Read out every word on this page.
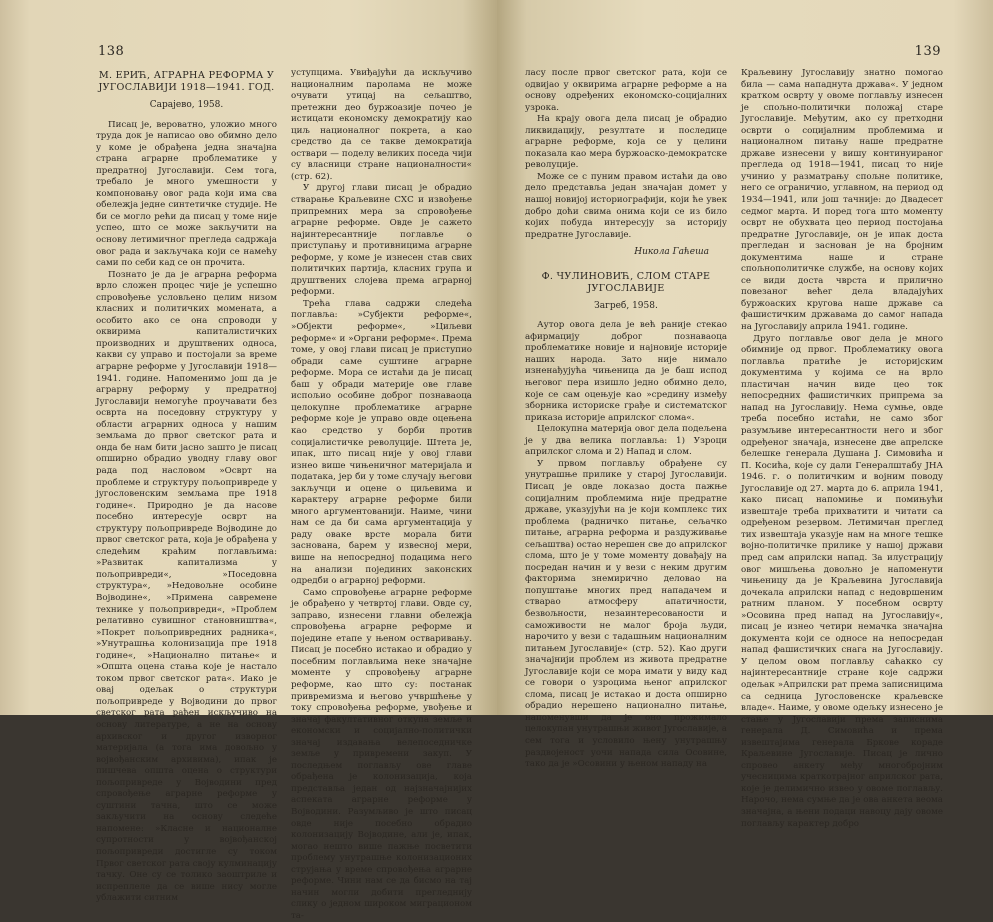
138
М. ЕРИЋ, АГРАРНА РЕФОРМА У ЈУГОСЛАВИЈИ 1918—1941. ГОД.
Сарајево, 1958.

Писац је, вероватно, уложио много труда док је написао ово обимно дело у коме је обрађена једна значајна страна аграрне проблематике у предратној Југославији. Сем тога, требало је много умешности у компоновању овог рада који има сва обележја једне синтетичке студије. Не би се могло рећи да писац у томе није успео, што се може закључити на основу летимичног прегледа садржаја овог рада и закључака који се намећу сами по себи кад се он прочита.

Познато је да је аграрна реформа врло сложен процес чије је успешно спровођење условљено целим низом класних и политичких момената, а особито ако се она спроводи у оквирима капиталистичких производних и друштвених односа, какви су управо и постојали за време аграрне реформе у Југославији 1918—1941. године. Напоменимо још да је аграрну реформу у предратној Југославији немогуће проучавати без осврта на поседовну структуру у области аграрних односа у нашим земљама до првог светског рата и онда бе нам бити јасно зашто је писац опширно обрадио уводну главу овог рада под насловом »Осврт на проблеме и структуру пољопривреде у југословенским земљама пре 1918 године«. Природно је да насове посебно интересује осврт на структуру пољопривреде Војводине до првог светског рата, која је обрађена у следећим краћим поглављима: »Развитак капитализма у пољопривреди«, »Поседовна структура«, »Недовољне особине Војводине«, »Примена савремене технике у пољопривреди«, »Проблем релативно сувишног становништва«, »Покрет пољопривредних радника«, »Унутрашња колонизација пре 1918 године«, »Национално питање« и »Општа оцена стања које је настало током првог светског рата«. Иако је овај одељак о структури пољопривреде у Војводини до првог светског рата рађен искључиво на основу литературе, а не на основу архивског и другог изворног материјала (а тога има довољно у војвођанским архивима), ипак је пишчева општа оцена о структури пољопривреде у Војводини пред спровођење аграрне реформе у суштини тачна, што се може закључити на основу следеће напомене: »Класне и националне супротности у војвођанској пољопривреди достигле су током Првог светског рата своју кулминацију тачку. Оне су се толико заоштриле и испреплеле да се више нису могле ублажити ситним

уступцима. Увиђајући да искључиво националним паролама не може очувати утицај на сељаштво, претежни део буржоазије почео је истицати економску демократију као циљ националног покрета, а као средство да се такве демократија оствари — поделу великих поседа чији су власници стране националности« (стр. 62).

У другој глави писац је обрадио стварање Краљевине СХС и извођење припремних мера за спровођење аграрне реформе. Овде је сажето најинтересантније поглавље о приступању и противницима аграрне реформе, у коме је изнесен став свих политичких партија, класних група и друштвених слојева према аграрној реформи.

Трећа глава садржи следећа поглавља: »Субјекти реформе«, »Објекти реформе«, »Циљеви реформе« и »Органи реформе«. Према томе, у овој глави писац је приступио обради саме суштине аграрне реформе. Мора се истаћи да је писац баш у обради материје ове главе испољио особине доброг познаваоца целокупне проблематике аграрне реформе које је управо овде оцењена као средство у борби против социјалистичке револуције. Штета је, ипак, што писац није у овој глави изнео више чињеничног материјала и података, јер би у томе случају његови закључци и оцене о циљевима и карактеру аграрне реформе били много аргументованији. Наиме, чини нам се да би сама аргументација у раду оваке врсте морала бити заснована, барем у извесној мери, више на непосредној подацима него на анализи појединих законских одредби о аграрној реформи.

Само спровођење аграрне реформе је обрађено у четвртој глави. Овде су, заправо, изнесени главни обележја спровођења аграрне реформе и поједине етапе у њеном остваривању. Писац је посебно истакао и обрадио у посебним поглављима неке значајне моменте у спровођењу аграрне реформе, као што су: постанак привремизма и његово учвршћење у току спровођења реформе, увођење и значај факултативног откупа земље и економски и социјално-политички значај издавања велепоседничке земље у привремени закуп. У последњем поглављу ове главе обрађена је колонизација, која представља један од најзначајнијих аспеката аграрне реформе у Војводини. Разумљиво је што писац овде није посебно обрадио колонизацију Војводине, али је, ипак, могао нешто више пажње посветити проблему унутрашње колонизационих струјања у време спровођења аграрне реформе. Чини нам се да бисмо на тај начин могли добити прегледнију слику о једном широком миграционом та-

139

ласу после првог светског рата, који се одвијао у оквирима аграрне реформе а на основу одређених економско-социјалних узрока.

На крају овога дела писац је обрадио ликвидацију, резултате и последице аграрне реформе, која се у целини показала као мера буржоаско-демократске револуције.

Може се с пуним правом истаћи да ово дело представља један значајан домет у нашој новијој историографији, који ће увек добро доћи свима онима који се из било којих побуда интересују за историју предратне Југославије.

Никола Гаћеша
Ф. ЧУЛИНОВИЋ, СЛОМ СТАРЕ ЈУГОСЛАВИЈЕ
Загреб, 1958.

Аутор овога дела је већ раније стекао афирмацију доброг познаваоца проблематике новије и најновије историје наших народа. Зато није нимало изненађујућа чињеница да је баш испод његовог пера изишло једно обимно дело, које се сам оцењује као »средину између зборника историске грађе и систематског приказа историје априлског слома«.

Целокупна материја овог дела подељена је у два велика поглавља: 1) Узроци априлског слома и 2) Напад и слом.

У првом поглављу обрађене су унутрашње прилике у старој Југославији. Писац је овде локазао доста пажње социјалним проблемима није предратне државе, указујући на је који комплекс тих проблема (радничко питање, сељачко питање, аграрна реформа и раздуживање сељаштва) остао нерешен све до априлског слома, што је у томе моменту довађају на посредан начин и у вези с неким другим факторима знемирично деловао на попуштање многих пред нападачем и стварао атмосферу апатичности, безвољности, незаинтересованости и саможивости не малог броја људи, нарочито у вези с тадашњим националним питањем Југославије« (стр. 52). Као други значајнији проблем из живота предратне Југославије који се мора имати у виду кад се говори о узроцима њеног априлског слома, писац је истакао и доста опширно обрадио нерешено национално питање, напоменувши да је оно прожимало целокупан унутрашњи живот Југославије, а сем тога и условило њену унутрашњу раздвојеност уочи напада сила Осовине, тако да је »Осовини у њеном нападу на

Краљевину Југославију знатно помогао била — сама нападнута држава«. У једном кратком осврту у овоме поглављу изнесен је спољно-политички положај старе Југославије. Међутим, ако су претходни осврти о социјалним проблемима и националном питању наше предратне државе изнесени у вишу континуираног прегледа од 1918—1941, писац то није учинио у разматрању спољне политике, него се ограничио, углавном, на период од 1934—1941, или још тачније: до Двадесет седмог марта. И поред тога што моменту осврт не обухвата цео период постојања предратне Југославије, он је ипак доста прегледан и заснован је на бројним документима наше и стране спољнополитичке службе, на основу којих се види доста чврста и прилично повезаног већег дела владајућих буржоаских кругова наше државе са фашистичким државама до самог напада на Југославију априла 1941. године.

Друго поглавље овог дела је много обимније од првог. Проблематику овога поглавља пратиће је историјским документима у којима се на врло пластичан начин виде цео ток непосредних фашистичких припрема за напад на Југославију. Нема сумње, овде треба посебно истаћи, не само због разумљиве интересантности него и због одређеног значаја, изнесене две апрелске белешке генерала Душана Ј. Симовића и П. Косића, које су дали Генералштабу ЈНА 1946. г. о политичким и војним поводу Југославије од 27. марта до 6. априла 1941, како писац напомиње и помињући извештаје треба прихватити и читати са одређеном резервом. Летимичан преглед тих извештаја указује нам на многе тешке војно-политичке прилике у нашој држави пред сам априлски напад. За илустрацију овог мишљења довољно је напоменути чињеницу да је Краљевина Југославија дочекала априлски напад с недовршеним ратним планом. У посебном осврту »Осовина пред напад на Југославију«, писац је изнео четири немачка значајна документа који се односе на непосредан напад фашистичких снага на Југославију. У целом овом поглављу саћакко су најинтересантније стране које садржи одељак »Априлски рат према записницима са седница Југословенске краљевске владе«. Наиме, у овоме одељку изнесено је стање у Југославији према записнима генерала Д. Симовића и према извештајима генерала Бркове кораде Краљевине Југославије. Писац је лично спровео анкету међу многобројним учесницима краткотрајног априлског рата, које је делимично извео у овоме поглављу. Нарочо, нема сумње да је ова анкета веома значајна, а њени подаци навоцу дају овоме поглављу карактер добро
